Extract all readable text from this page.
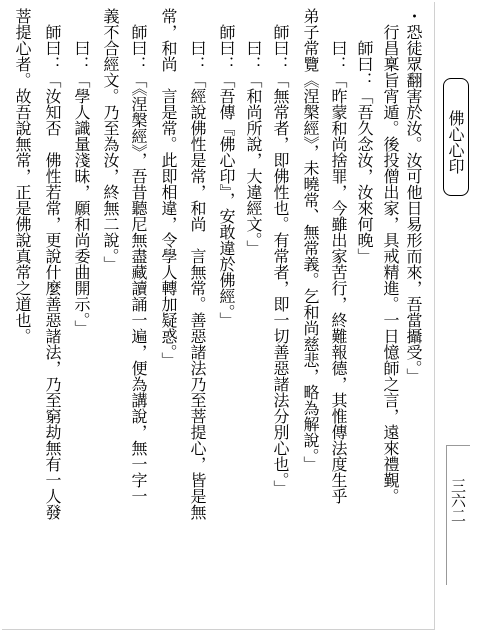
・恐徒眾翻害於汝。汝可他日易形而來，吾當攝受。」
　行昌稟旨宵遁。後投僧出家，具戒精進。一日憶師之言，遠來禮覲。
　　師曰：「吾久念汝，汝來何晚」
　　曰：「昨蒙和尚捨罪，今雖出家苦行，終難報德，其惟傳法度生乎
弟子常覽《涅槃經》，未曉常、無常義。乞和尚慈悲，略為解說。」
　師曰：「無常者，即佛性也。有常者，即一切善惡諸法分別心也。」
　　曰：「和尚所說，大違經文。」
　師曰：「吾傳『佛心印』，安敢違於佛經。」
　　曰：「經說佛性是常，和尚　言無常。善惡諸法乃至菩提心，皆是無
常，和尚　言是常。此即相違，令學人轉加疑惑。」
　師曰：「《涅槃經》，吾昔聽尼無盡藏讀誦一遍，便為講說，無一字一
義不合經文。乃至為汝，終無二說。」
　　曰：「學人識量淺昧，願和尚委曲開示。」
　師曰：「汝知否　佛性若常，更說什麼善惡諸法，乃至窮劫無有一人發
菩提心者。故吾說無常，正是佛說真常之道也。	佛心心印
三六二
